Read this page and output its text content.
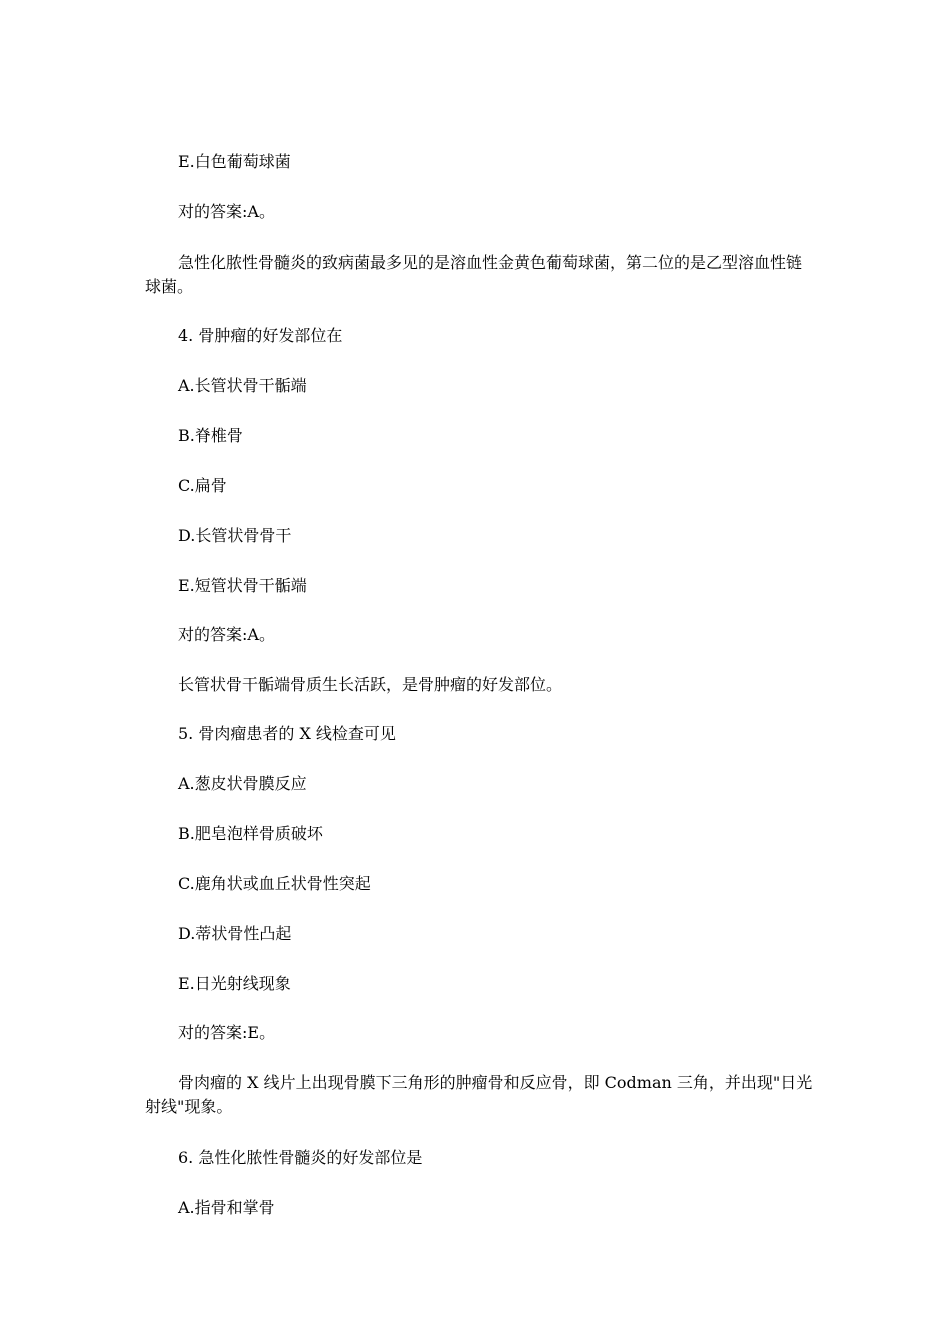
E.白色葡萄球菌

对的答案:A。

急性化脓性骨髓炎的致病菌最多见的是溶血性金黄色葡萄球菌，第二位的是乙型溶血性链球菌。

4. 骨肿瘤的好发部位在

A.长管状骨干骺端

B.脊椎骨

C.扁骨

D.长管状骨骨干

E.短管状骨干骺端

对的答案:A。

长管状骨干骺端骨质生长活跃，是骨肿瘤的好发部位。

5. 骨肉瘤患者的 X 线检查可见

A.葱皮状骨膜反应

B.肥皂泡样骨质破坏

C.鹿角状或血丘状骨性突起

D.蒂状骨性凸起

E.日光射线现象

对的答案:E。

骨肉瘤的 X 线片上出现骨膜下三角形的肿瘤骨和反应骨，即 Codman 三角，并出现"日光射线"现象。

6. 急性化脓性骨髓炎的好发部位是

A.指骨和掌骨
